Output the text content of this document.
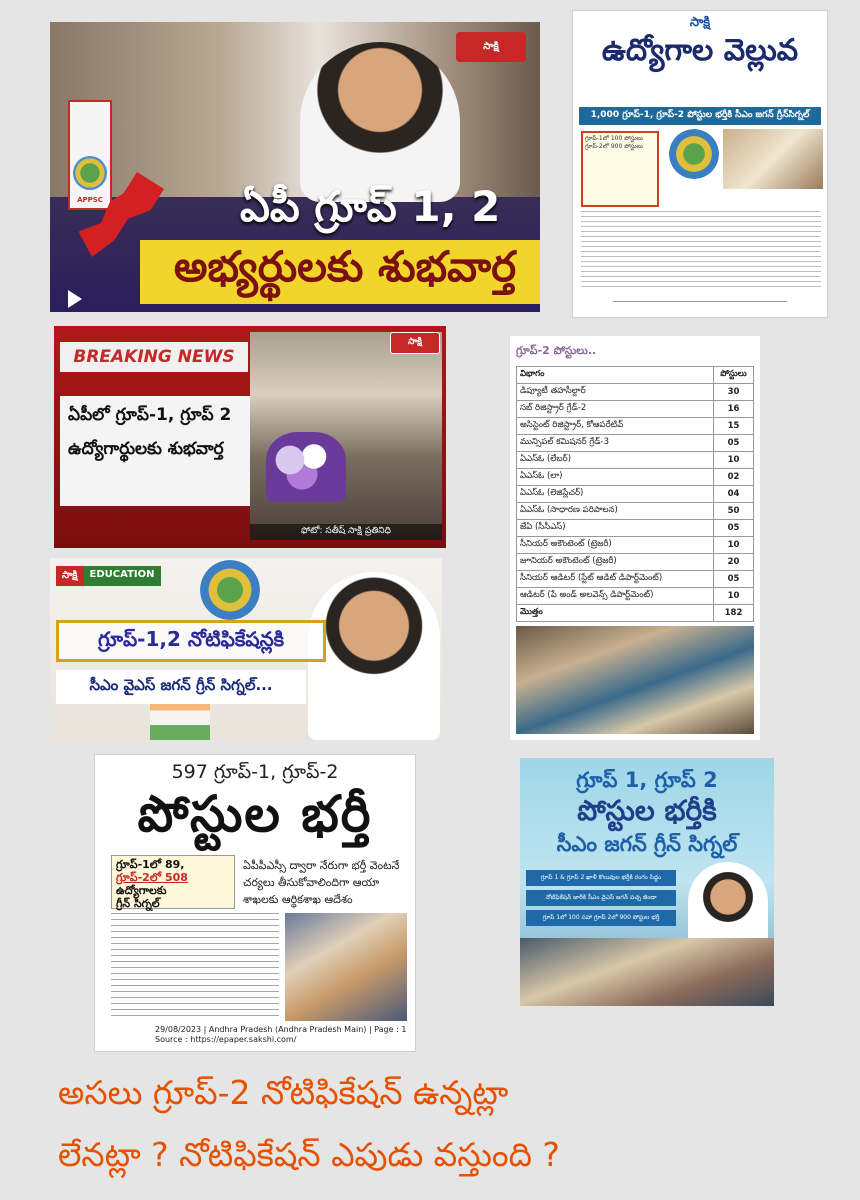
సాక్షి
APPSC	ఏపీ గ్రూప్ 1, 2
అభ్యర్థులకు శుభవార్త
సాక్షి
ఉద్యోగాల వెల్లువ
1,000 గ్రూప్-1, గ్రూప్-2 పోస్టుల భర్తీకి సీఎం జగన్ గ్రీన్‌సిగ్నల్
గ్రూప్-1లో 100 పోస్టులు గ్రూప్-2లో 900 పోస్టులు

BREAKING NEWS
సాక్షి
ఏపీలో గ్రూప్-1, గ్రూప్ 2 ఉద్యోగార్థులకు శుభవార్త
ఫోటో: సతీష్ సాక్షి ప్రతినిధి
గ్రూప్-2 పోస్టులు..
విభాగం	పోస్టులు
డిప్యూటీ తహసీల్దార్	30
సబ్ రిజిస్ట్రార్ గ్రేడ్-2	16
అసిస్టెంట్ రిజిస్ట్రార్, కోఆపరేటివ్	15
మున్సిపల్ కమిషనర్ గ్రేడ్-3	05
ఏఎస్‌ఓ (లేబర్)	10
ఏఎస్‌ఓ (లా)	02
ఏఎస్‌ఓ (లెజిస్లేచర్)	04
ఏఎస్‌ఓ (సాధారణ పరిపాలన)	50
జేఏ (సీసీఎస్)	05
సీనియర్ అకౌంటెంట్ (ట్రెజరీ)	10
జూనియర్ అకౌంటెంట్ (ట్రెజరీ)	20
సీనియర్ ఆడిటర్ (స్టేట్ ఆడిట్ డిపార్ట్‌మెంట్)	05
ఆడిటర్ (పే అండ్ అలవెన్స్ డిపార్ట్‌మెంట్)	10
మొత్తం	182
సాక్షి	EDUCATION
గ్రూప్-1,2 నోటిఫికేషన్లకి
సీఎం వైఎస్ జగన్ గ్రీన్ సిగ్నల్...
597 గ్రూప్-1, గ్రూప్-2
పోస్టుల భర్తీ
గ్రూప్-1లో 89,
గ్రూప్-2లో 508
ఉద్యోగాలకు
గ్రీన్ సిగ్నల్
ఏపీపీఎస్సీ ద్వారా నేరుగా భర్తీ వెంటనే చర్యలు తీసుకోవాలిందిగా ఆయా శాఖలకు ఆర్థికశాఖ ఆదేశం
29/08/2023 | Andhra Pradesh (Andhra Pradesh Main) | Page : 1
Source : https://epaper.sakshi.com/
గ్రూప్ 1, గ్రూప్ 2
పోస్టుల భర్తీకి
సీఎం జగన్ గ్రీన్ సిగ్నల్
గ్రూప్ 1 & గ్రూప్ 2 ఖాళీ కొలువుల భర్తీకి రంగం సిద్ధం
నోటిఫికేషన్ జారీకి సీఎం వైఎస్ జగన్ పచ్చ జెండా
గ్రూప్ 1లో 100 సహా గ్రూప్ 2లో 900 పోస్టుల భర్తీ
అసలు గ్రూప్-2 నోటిఫికేషన్ ఉన్నట్లా
లేనట్లా ? నోటిఫికేషన్ ఎపుడు వస్తుంది ?
